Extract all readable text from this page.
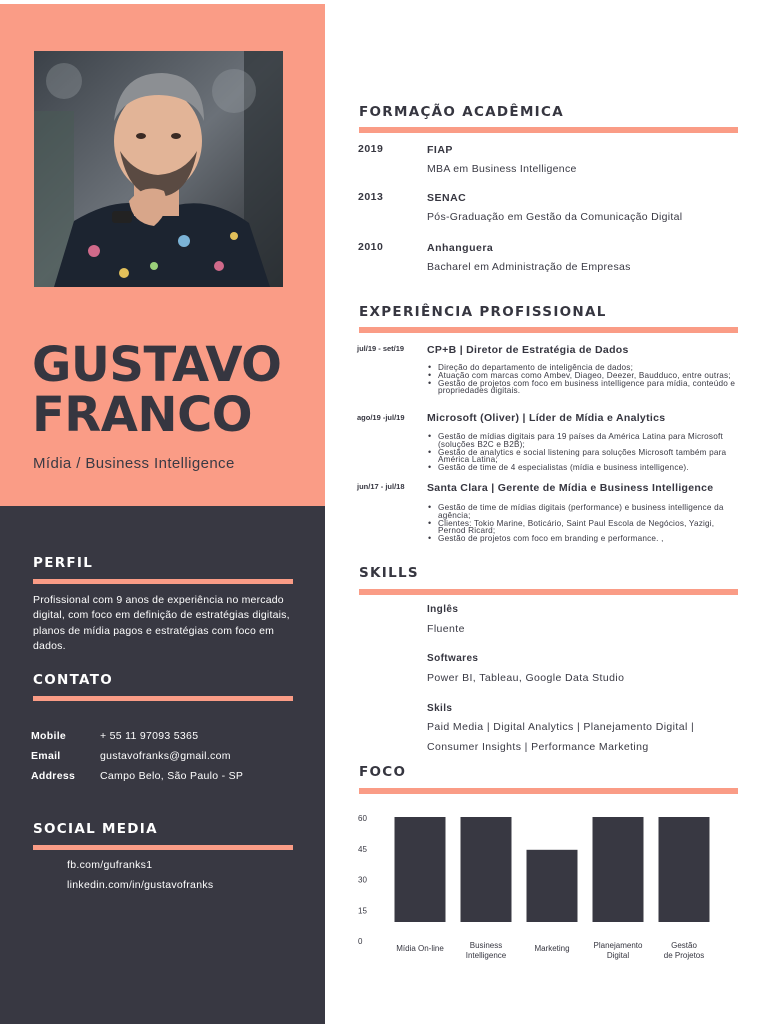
GUSTAVO
FRANCO
Mídia / Business Intelligence
PERFIL
Profissional com 9 anos de experiência no mercado digital, com foco em definição de estratégias digitais, planos de mídia pagos e estratégias com foco em dados.
CONTATO
Mobile	+ 55 11 97093 5365
Email	gustavofranks@gmail.com
Address Campo Belo, São Paulo - SP
SOCIAL MEDIA
fb.com/gufranks1
linkedin.com/in/gustavofranks
FORMAÇÃO ACADÊMICA
2019	FIAP
MBA em Business Intelligence
2013	SENAC
Pós-Graduação em Gestão da Comunicação Digital
2010	Anhanguera
Bacharel em Administração de Empresas
EXPERIÊNCIA PROFISSIONAL
jul/19 - set/19 CP+B | Diretor de Estratégia de Dados
• Direção do departamento de inteligência de dados;
• Atuação com marcas como Ambev, Diageo, Deezer, Baudduco, entre outras;
• Gestão de projetos com foco em business intelligence para mídia, conteúdo e propriedades digitais.
ago/19 -jul/19 Microsoft (Oliver) | Líder de Mídia e Analytics
• Gestão de mídias digitais para 19 países da América Latina para Microsoft (soluções B2C e B2B);
• Gestão de analytics e social listening para soluções Microsoft também para América Latina;
• Gestão de time de 4 especialistas (mídia e business intelligence).
jun/17 - jul/18 Santa Clara | Gerente de Mídia e Business Intelligence
• Gestão de time de mídias digitais (performance) e business intelligence da agência;
• Clientes: Tokio Marine, Boticário, Saint Paul Escola de Negócios, Yazigi, Pernod Ricard;
• Gestão de projetos com foco em branding e performance. ,
SKILLS
Inglês
Fluente
Softwares
Power BI, Tableau, Google Data Studio
Skils
Paid Media | Digital Analytics | Planejamento Digital | Consumer Insights | Performance Marketing
FOCO
0
15
30
45
60
Mídia On-line	Business
Intelligence
Marketing	Planejamento
Digital
Gestão
de Projetos
